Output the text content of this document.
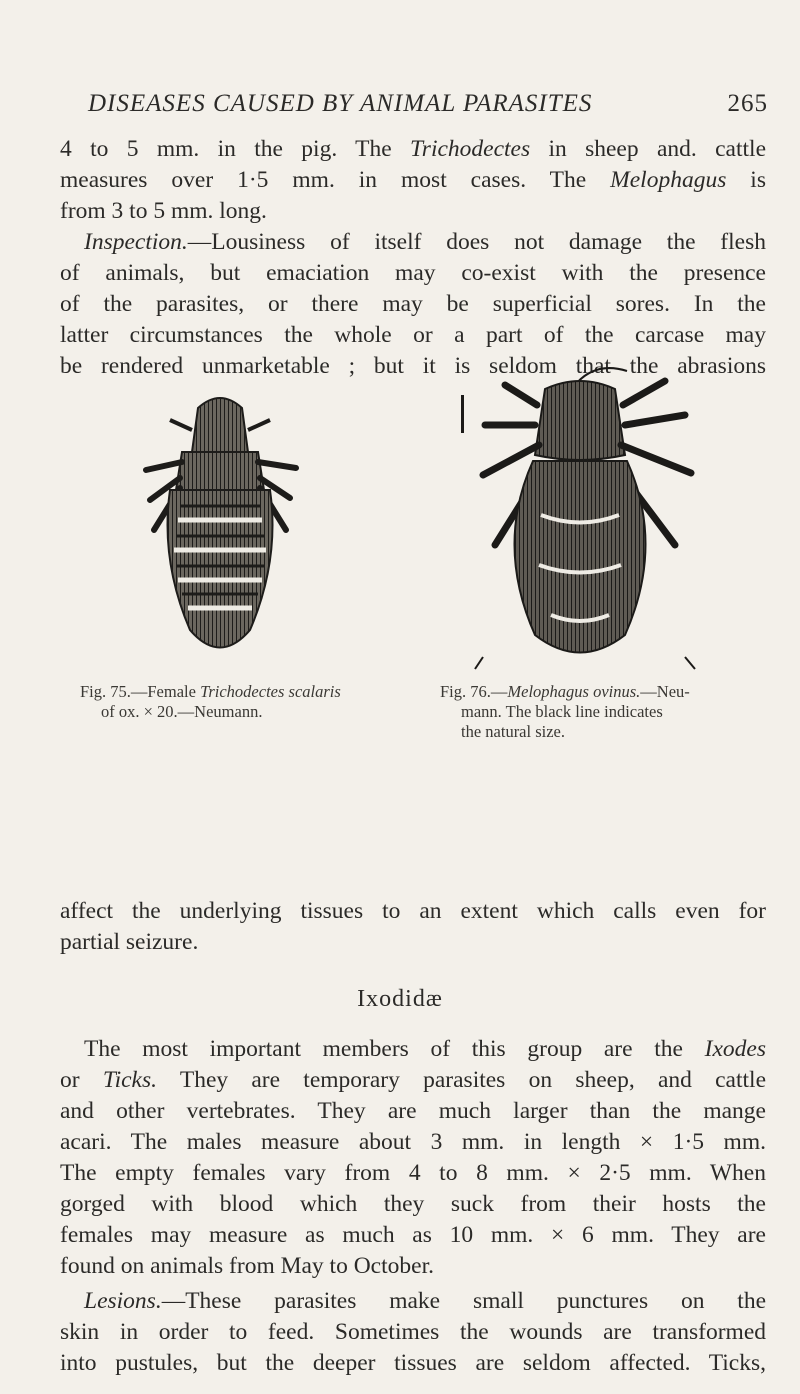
DISEASES CAUSED BY ANIMAL PARASITES	265
4 to 5 mm. in the pig. The Trichodectes in sheep and. cattle
measures over 1·5 mm. in most cases. The Melophagus is
from 3 to 5 mm. long.
Inspection.—Lousiness of itself does not damage the flesh
of animals, but emaciation may co-exist with the presence
of the parasites, or there may be superficial sores. In the
latter circumstances the whole or a part of the carcase may
be rendered unmarketable ; but it is seldom that the abrasions
Fig. 75.—Female Trichodectes scalaris
of ox. × 20.—Neumann.
Fig. 76.—Melophagus ovinus.—Neu-
mann. The black line indicates
the natural size.
affect the underlying tissues to an extent which calls even for
partial seizure.
Ixodidæ
The most important members of this group are the Ixodes
or Ticks. They are temporary parasites on sheep, and cattle
and other vertebrates. They are much larger than the mange
acari. The males measure about 3 mm. in length × 1·5 mm.
The empty females vary from 4 to 8 mm. × 2·5 mm. When
gorged with blood which they suck from their hosts the
females may measure as much as 10 mm. × 6 mm. They are
found on animals from May to October.
Lesions.—These parasites make small punctures on the
skin in order to feed. Sometimes the wounds are transformed
into pustules, but the deeper tissues are seldom affected. Ticks,
